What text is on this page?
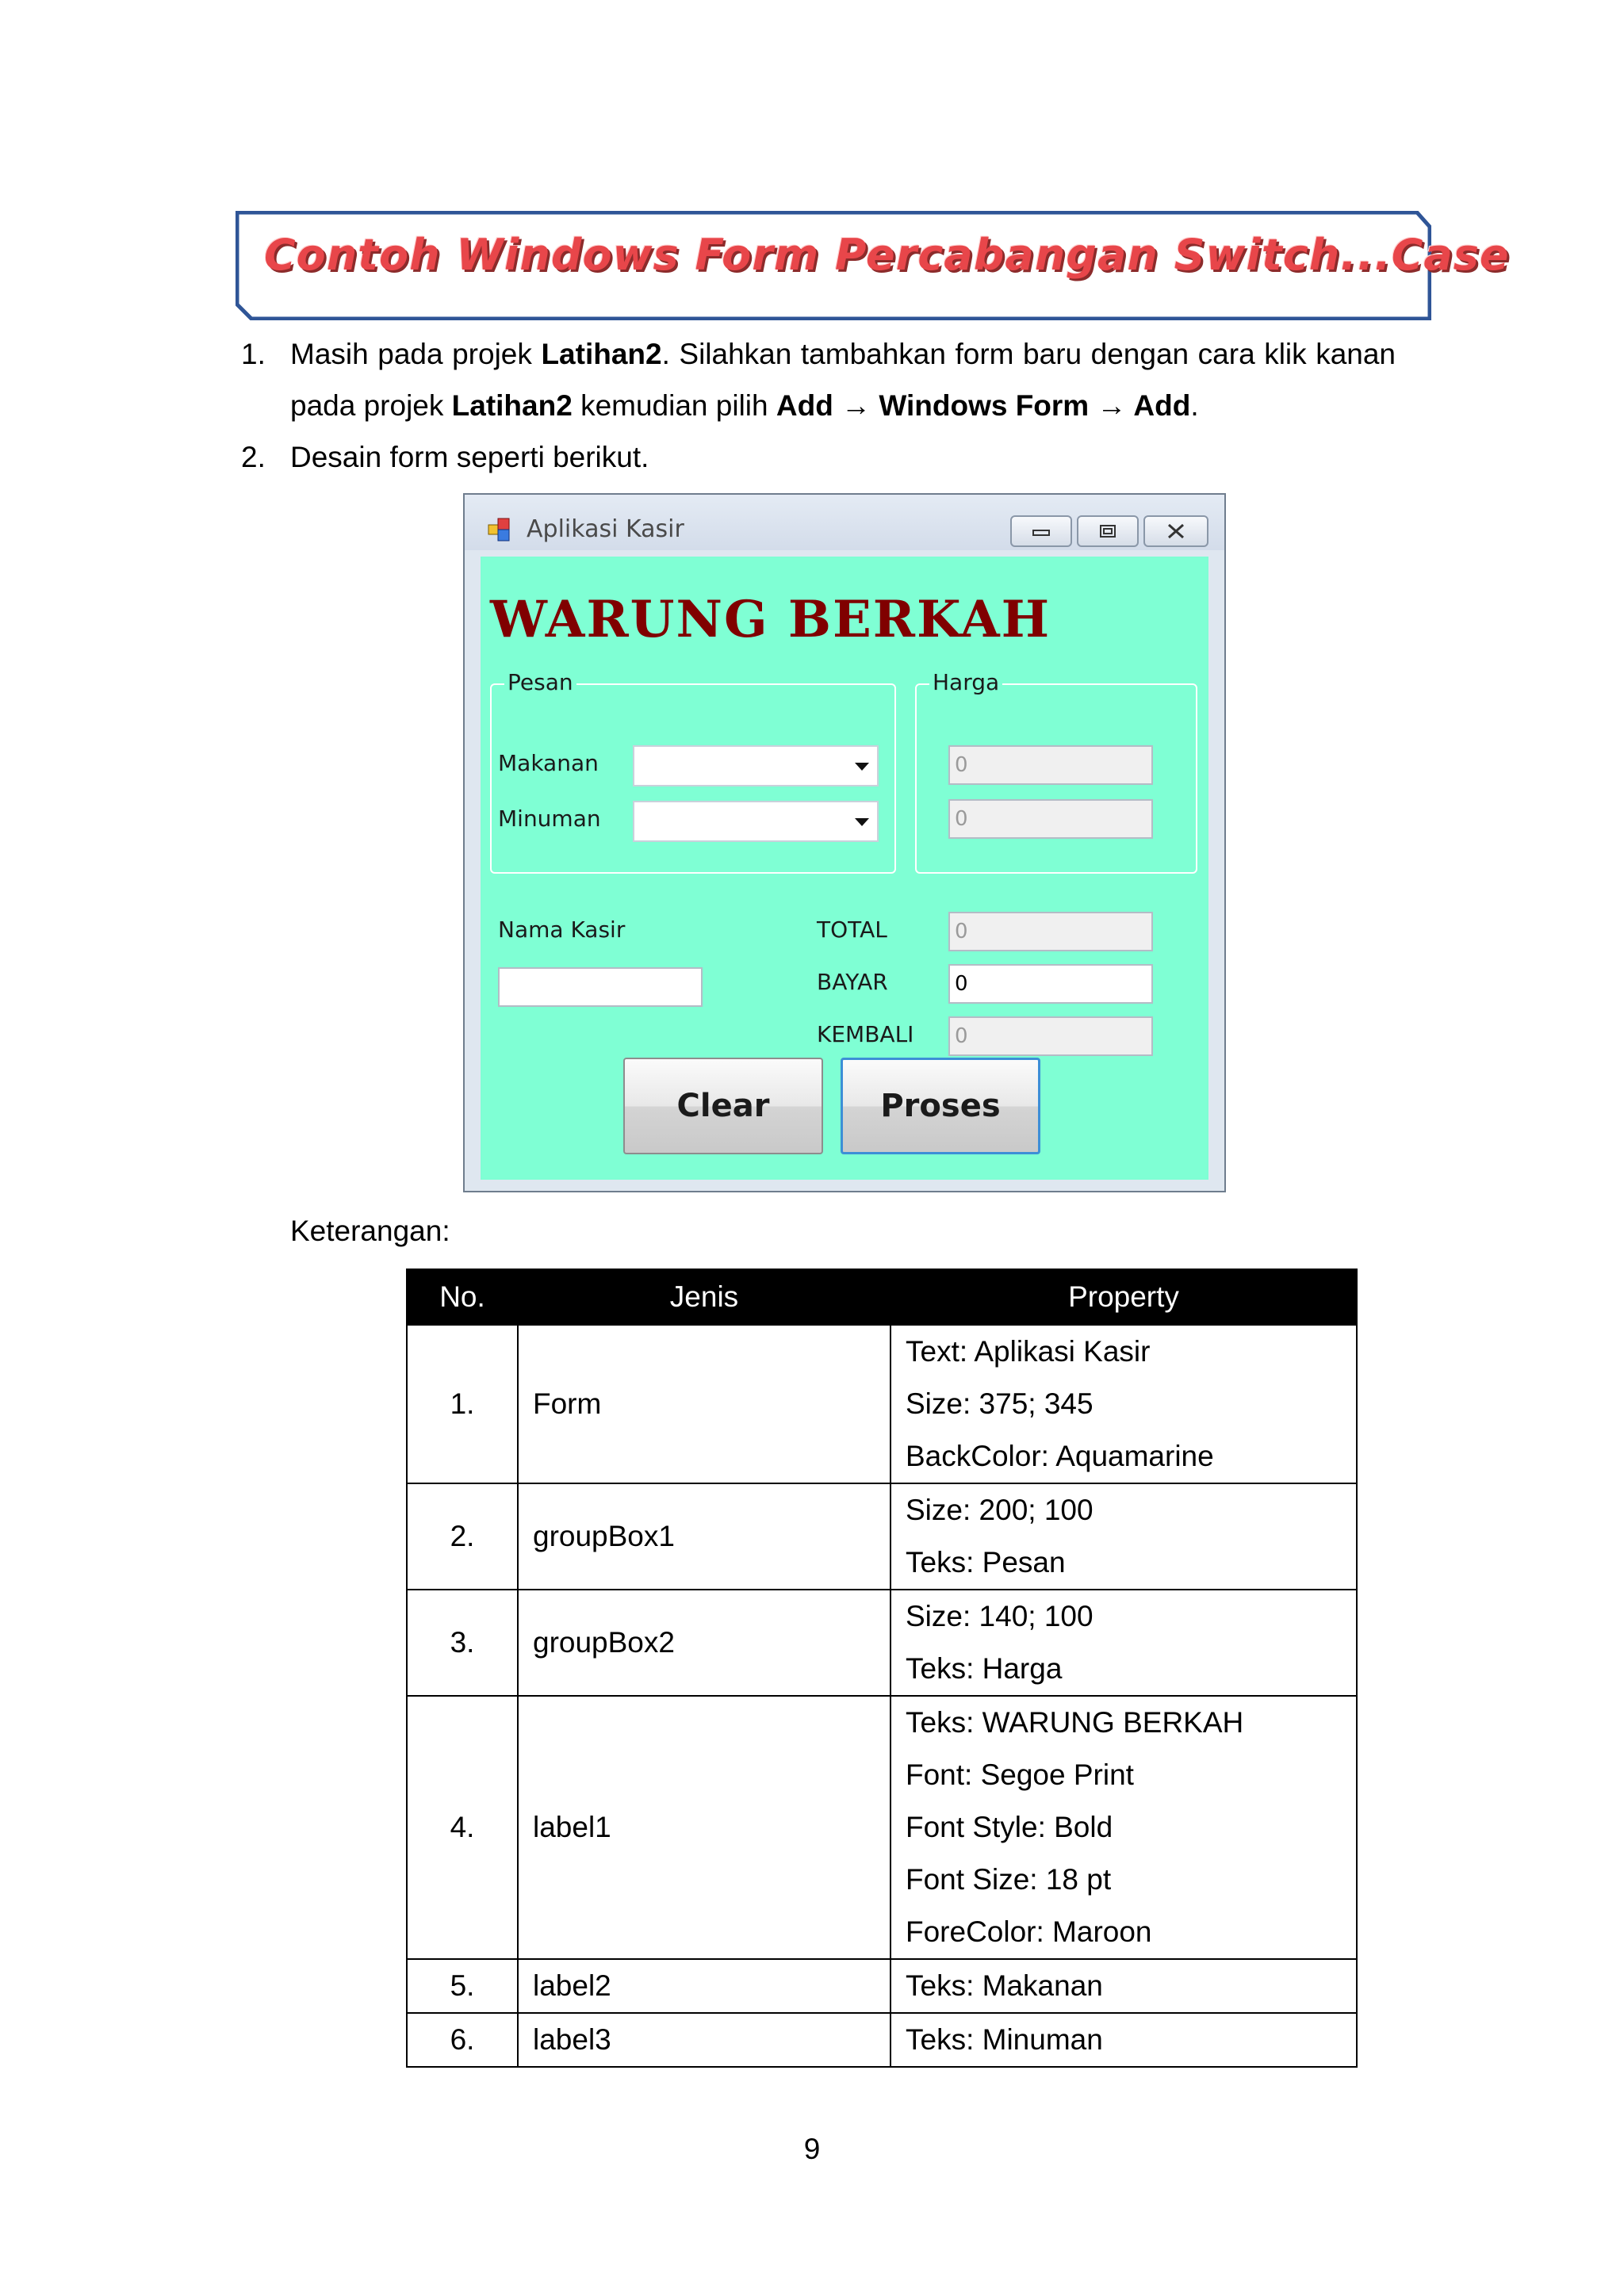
Contoh Windows Form Percabangan Switch...Case
1. Masih pada projek Latihan2. Silahkan tambahkan form baru dengan cara klik kanan pada projek Latihan2 kemudian pilih Add → Windows Form → Add.
2. Desain form seperti berikut.
Aplikasi Kasir
WARUNG BERKAH
Pesan	Harga
Makanan
Minuman
0
0
Nama Kasir	TOTAL
BAYAR
KEMBALI
0
0
0
Clear	Proses
Keterangan:
No.	Jenis	Property
1.	Form	Text: Aplikasi Kasir
Size: 375; 345
BackColor: Aquamarine

2.	groupBox1	Size: 200; 100
Teks: Pesan

3.	groupBox2	Size: 140; 100
Teks: Harga

4.	label1	Teks: WARUNG BERKAH
Font: Segoe Print
Font Style: Bold
Font Size: 18 pt
ForeColor: Maroon

5.	label2	Teks: Makanan

6.	label3	Teks: Minuman
9
